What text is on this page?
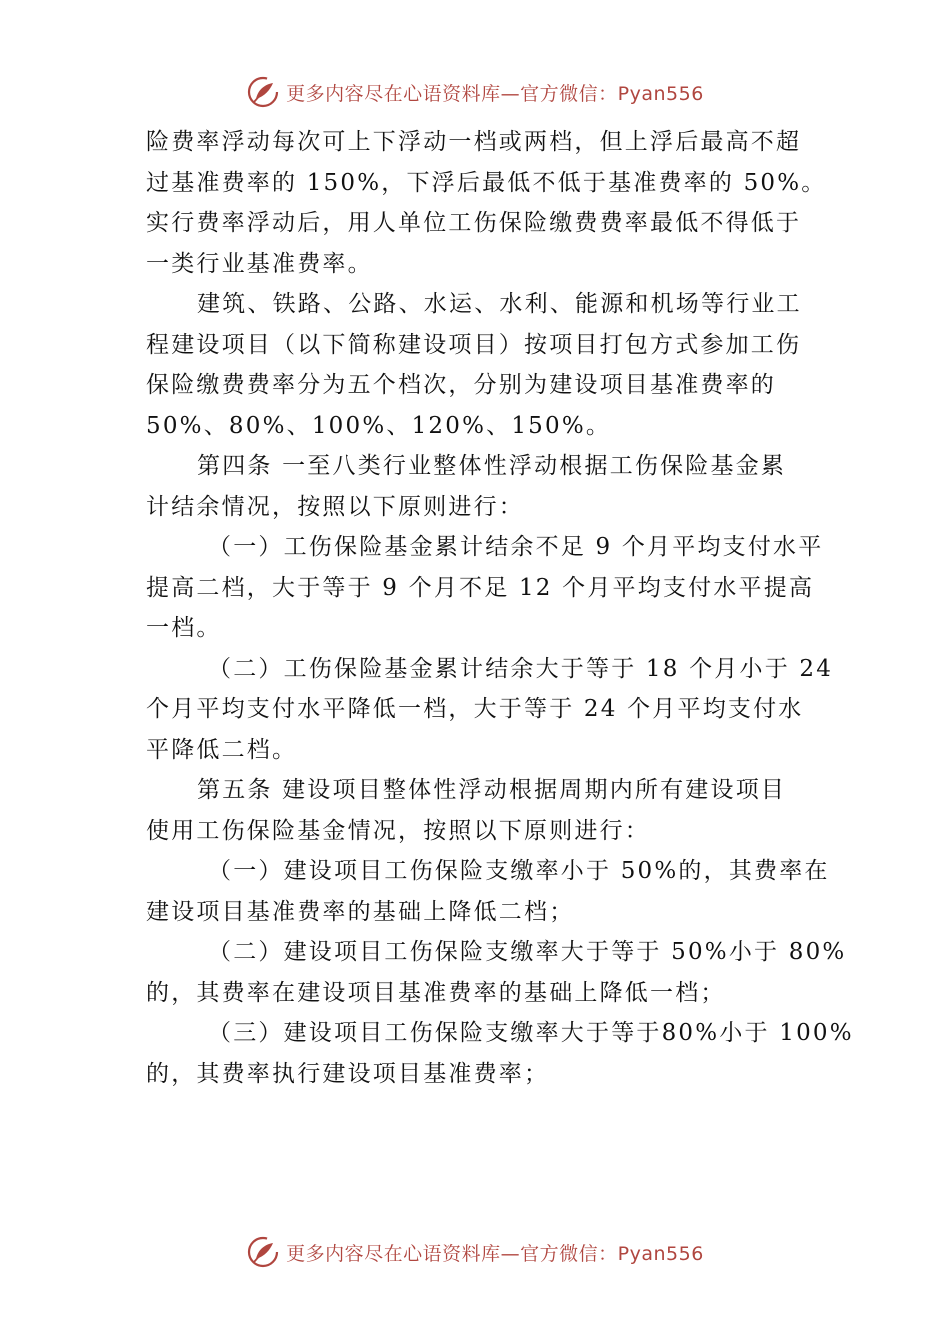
更多内容尽在心语资料库—官方微信：Pyan556
险费率浮动每次可上下浮动一档或两档，但上浮后最高不超
过基准费率的 150%，下浮后最低不低于基准费率的 50%。
实行费率浮动后，用人单位工伤保险缴费费率最低不得低于
一类行业基准费率。
建筑、铁路、公路、水运、水利、能源和机场等行业工
程建设项目（以下简称建设项目）按项目打包方式参加工伤
保险缴费费率分为五个档次，分别为建设项目基准费率的
50%、80%、100%、120%、150%。
第四条 一至八类行业整体性浮动根据工伤保险基金累
计结余情况，按照以下原则进行：
（一）工伤保险基金累计结余不足 9 个月平均支付水平
提高二档，大于等于 9 个月不足 12 个月平均支付水平提高
一档。
（二）工伤保险基金累计结余大于等于 18 个月小于 24
个月平均支付水平降低一档，大于等于 24 个月平均支付水
平降低二档。
第五条 建设项目整体性浮动根据周期内所有建设项目
使用工伤保险基金情况，按照以下原则进行：
（一）建设项目工伤保险支缴率小于 50%的，其费率在
建设项目基准费率的基础上降低二档；
（二）建设项目工伤保险支缴率大于等于 50%小于 80%
的，其费率在建设项目基准费率的基础上降低一档；
（三）建设项目工伤保险支缴率大于等于80%小于 100%
的，其费率执行建设项目基准费率；
更多内容尽在心语资料库—官方微信：Pyan556
